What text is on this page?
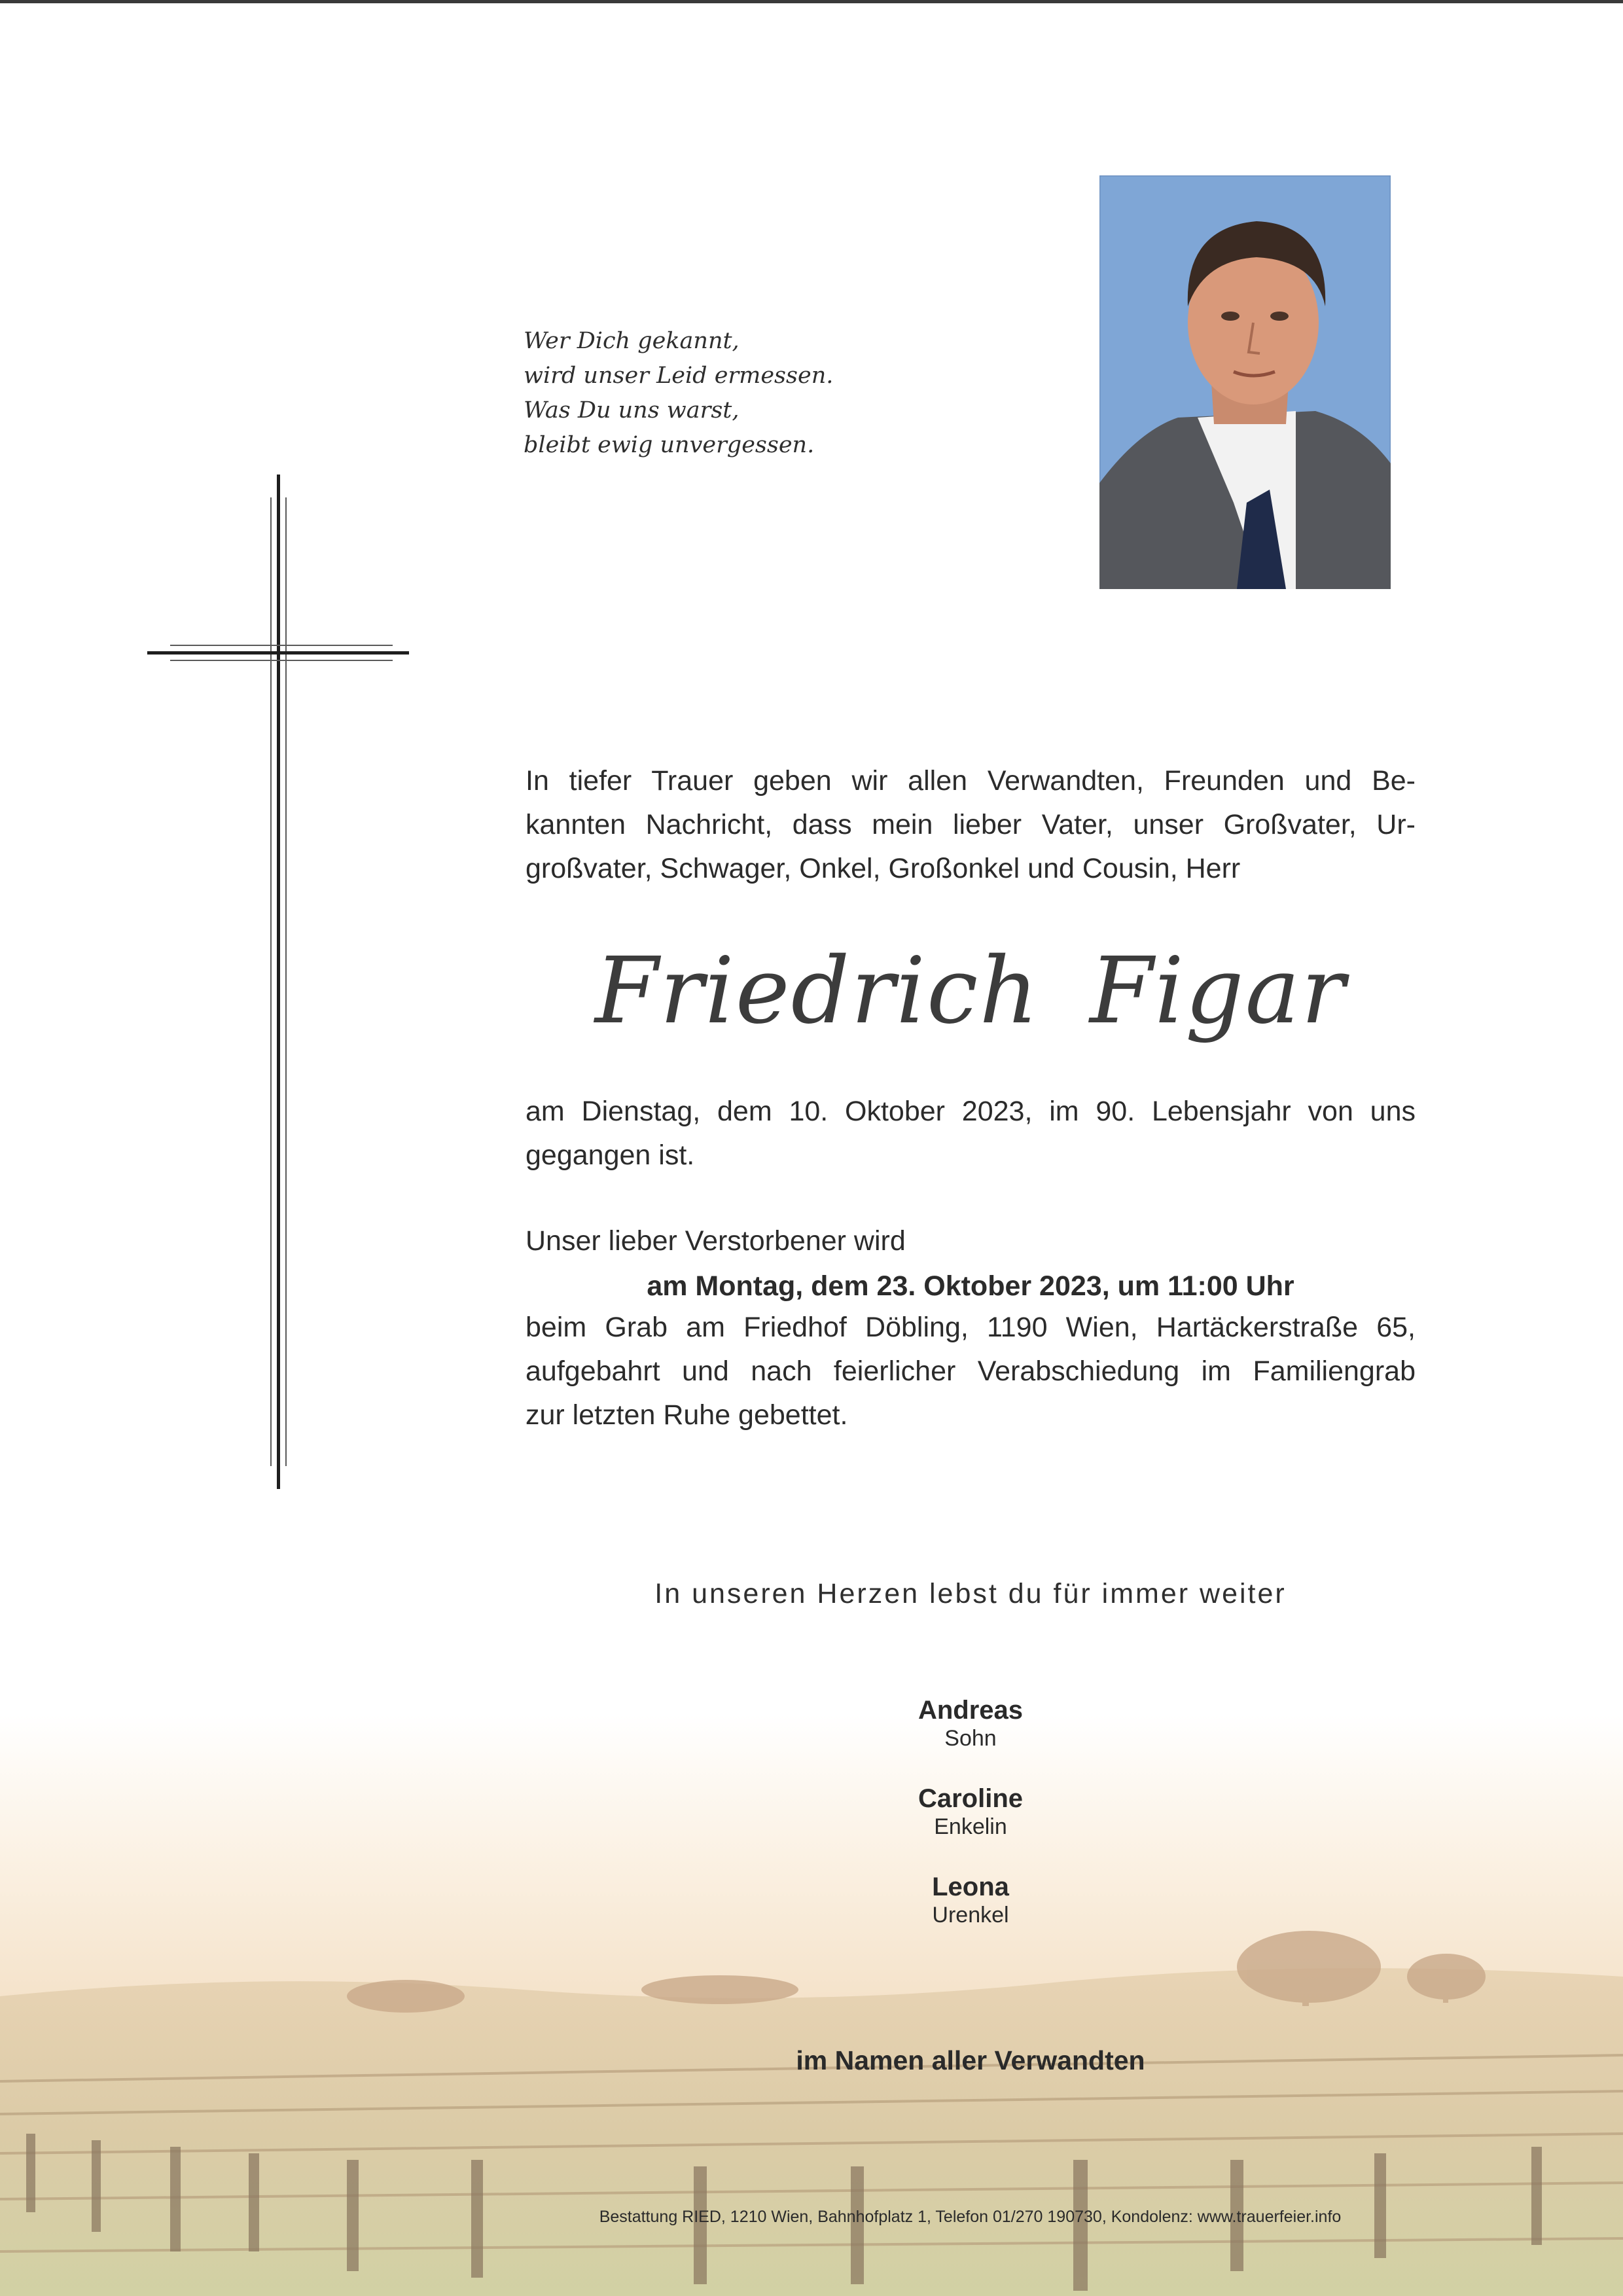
Wer Dich gekannt,
wird unser Leid ermessen.
Was Du uns warst,
bleibt ewig unvergessen.
In tiefer Trauer geben wir allen Verwandten, Freunden und Be-
kannten Nachricht, dass mein lieber Vater, unser Großvater, Ur-
großvater, Schwager, Onkel, Großonkel und Cousin, Herr
Friedrich Figar
am Dienstag, dem 10. Oktober 2023, im 90. Lebensjahr von uns
gegangen ist.
Unser lieber Verstorbener wird
am Montag, dem 23. Oktober 2023, um 11:00 Uhr
beim Grab am Friedhof Döbling, 1190 Wien, Hartäckerstraße 65,
aufgebahrt und nach feierlicher Verabschiedung im Familiengrab
zur letzten Ruhe gebettet.
In unseren Herzen lebst du für immer weiter
Andreas
Sohn
Caroline
Enkelin
Leona
Urenkel
im Namen aller Verwandten
Bestattung RIED, 1210 Wien, Bahnhofplatz 1, Telefon 01/270 190730, Kondolenz: www.trauerfeier.info
